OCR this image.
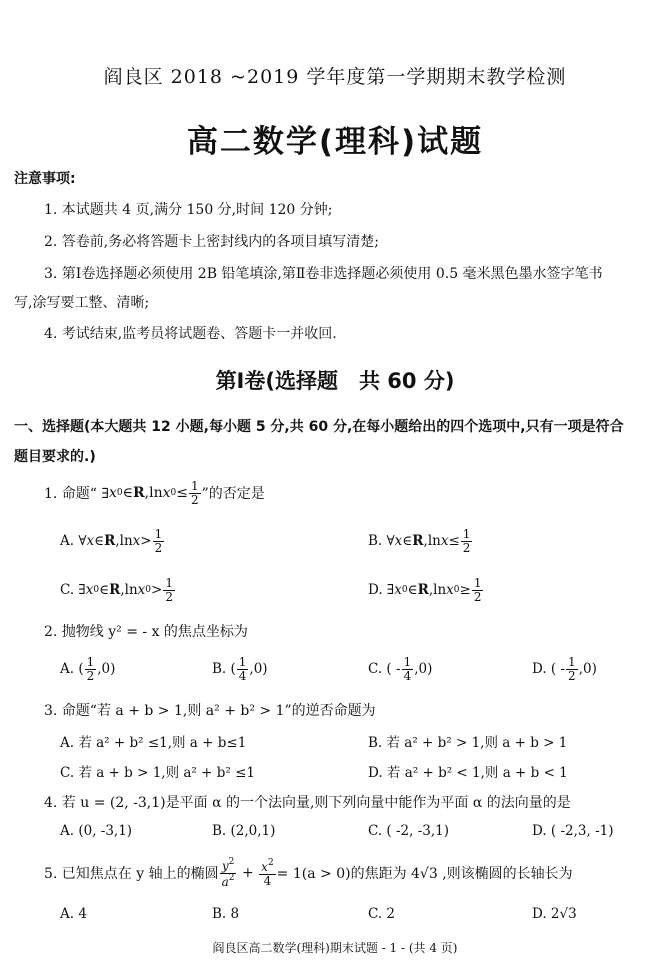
阎良区 2018 ~2019 学年度第一学期期末教学检测
高二数学(理科)试题
注意事项:
1. 本试题共 4 页,满分 150 分,时间 120 分钟;
2. 答卷前,务必将答题卡上密封线内的各项目填写清楚;
3. 第Ⅰ卷选择题必须使用 2B 铅笔填涂,第Ⅱ卷非选择题必须使用 0.5 毫米黑色墨水签字笔书
写,涂写要工整、清晰;
4. 考试结束,监考员将试题卷、答题卡一并收回.
第Ⅰ卷(选择题　共 60 分)
一、选择题(本大题共 12 小题,每小题 5 分,共 60 分,在每小题给出的四个选项中,只有一项是符合
题目要求的.)
1. 命题“ ∃ x 0 ∈ R ,ln x $0 \le \frac{1}{2}$ ”的否定是
A. ∀ x ∈ R ,ln $x > \frac{1}{2}$	B. ∀ x ∈ R ,ln $x \le \frac{1}{2}$
C. ∃ x 0 ∈ R ,ln x $0 > \frac{1}{2}$	D. ∃ x 0 ∈ R ,ln x $0 \ge \frac{1}{2}$
2. 抛物线 y² = - x 的焦点坐标为
A. ( $\frac{1}{2} ,0$)	B. ( $\frac{1}{4} ,0$)	C. ( - $\frac{1}{4} ,0$)	D. ( - $\frac{1}{2} ,0$)
3. 命题“若 a + b > 1,则 a² + b² > 1”的逆否命题为
A. 若 a² + b² ≤1,则 a + b≤1	B. 若 a² + b² > 1,则 a + b > 1
C. 若 a + b > 1,则 a² + b² ≤1	D. 若 a² + b² < 1,则 a + b < 1
4. 若 u = (2, -3,1)是平面 α 的一个法向量,则下列向量中能作为平面 α 的法向量的是
A. (0, -3,1)	B. (2,0,1)	C. ( -2, -3,1)	D. ( -2,3, -1)
5. 已知焦点在 y 轴上的椭圆 $\frac{y^2}{a^2} + \frac{x^2}{4} = 1(a > 0)$的焦距为 4√3 ,则该椭圆的长轴长为
A. 4	B. 8	C. 2	D. 2√3
阎良区高二数学(理科)期末试题 - 1 - (共 4 页)
